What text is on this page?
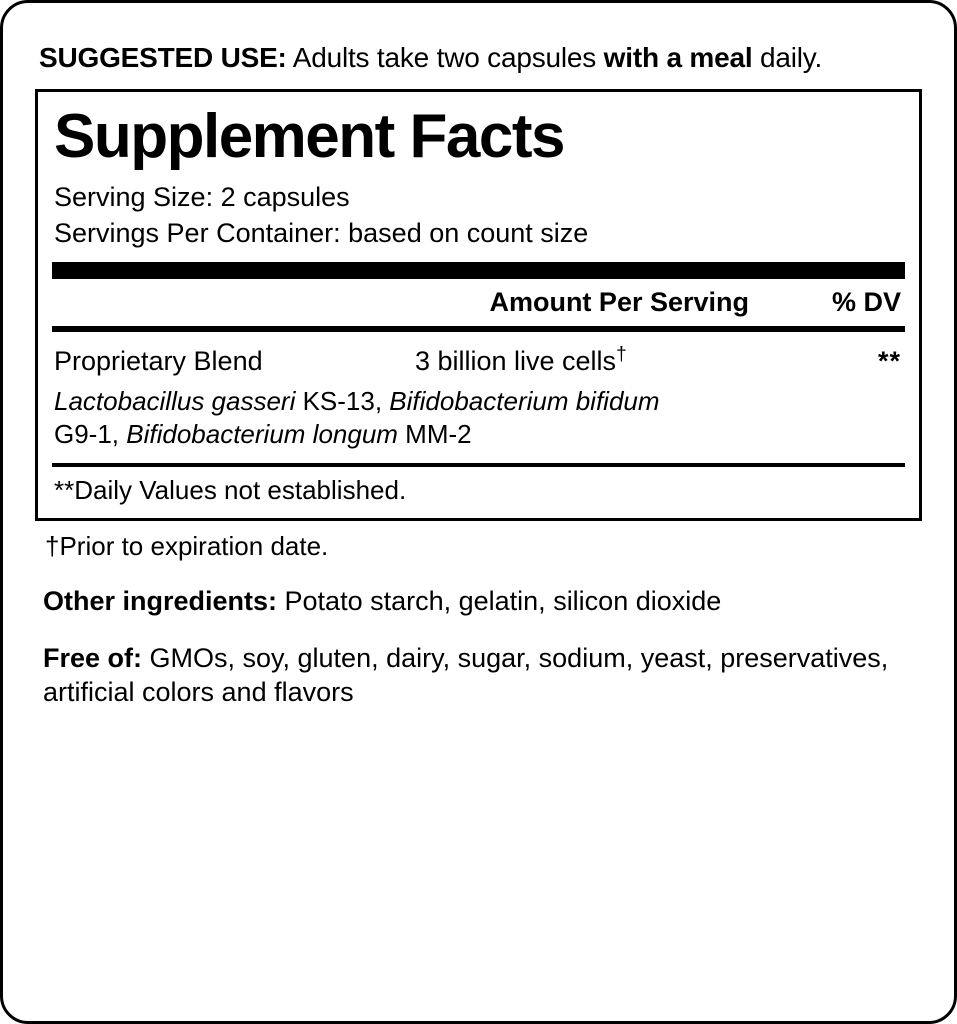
SUGGESTED USE: Adults take two capsules with a meal daily.
Supplement Facts
Serving Size: 2 capsules
Servings Per Container: based on count size
Amount Per Serving	% DV
Proprietary Blend	3 billion live cells†	**
Lactobacillus gasseri KS-13, Bifidobacterium bifidum
G9-1, Bifidobacterium longum MM-2
**Daily Values not established.
†Prior to expiration date.
Other ingredients: Potato starch, gelatin, silicon dioxide
Free of: GMOs, soy, gluten, dairy, sugar, sodium, yeast, preservatives, artificial colors and flavors
